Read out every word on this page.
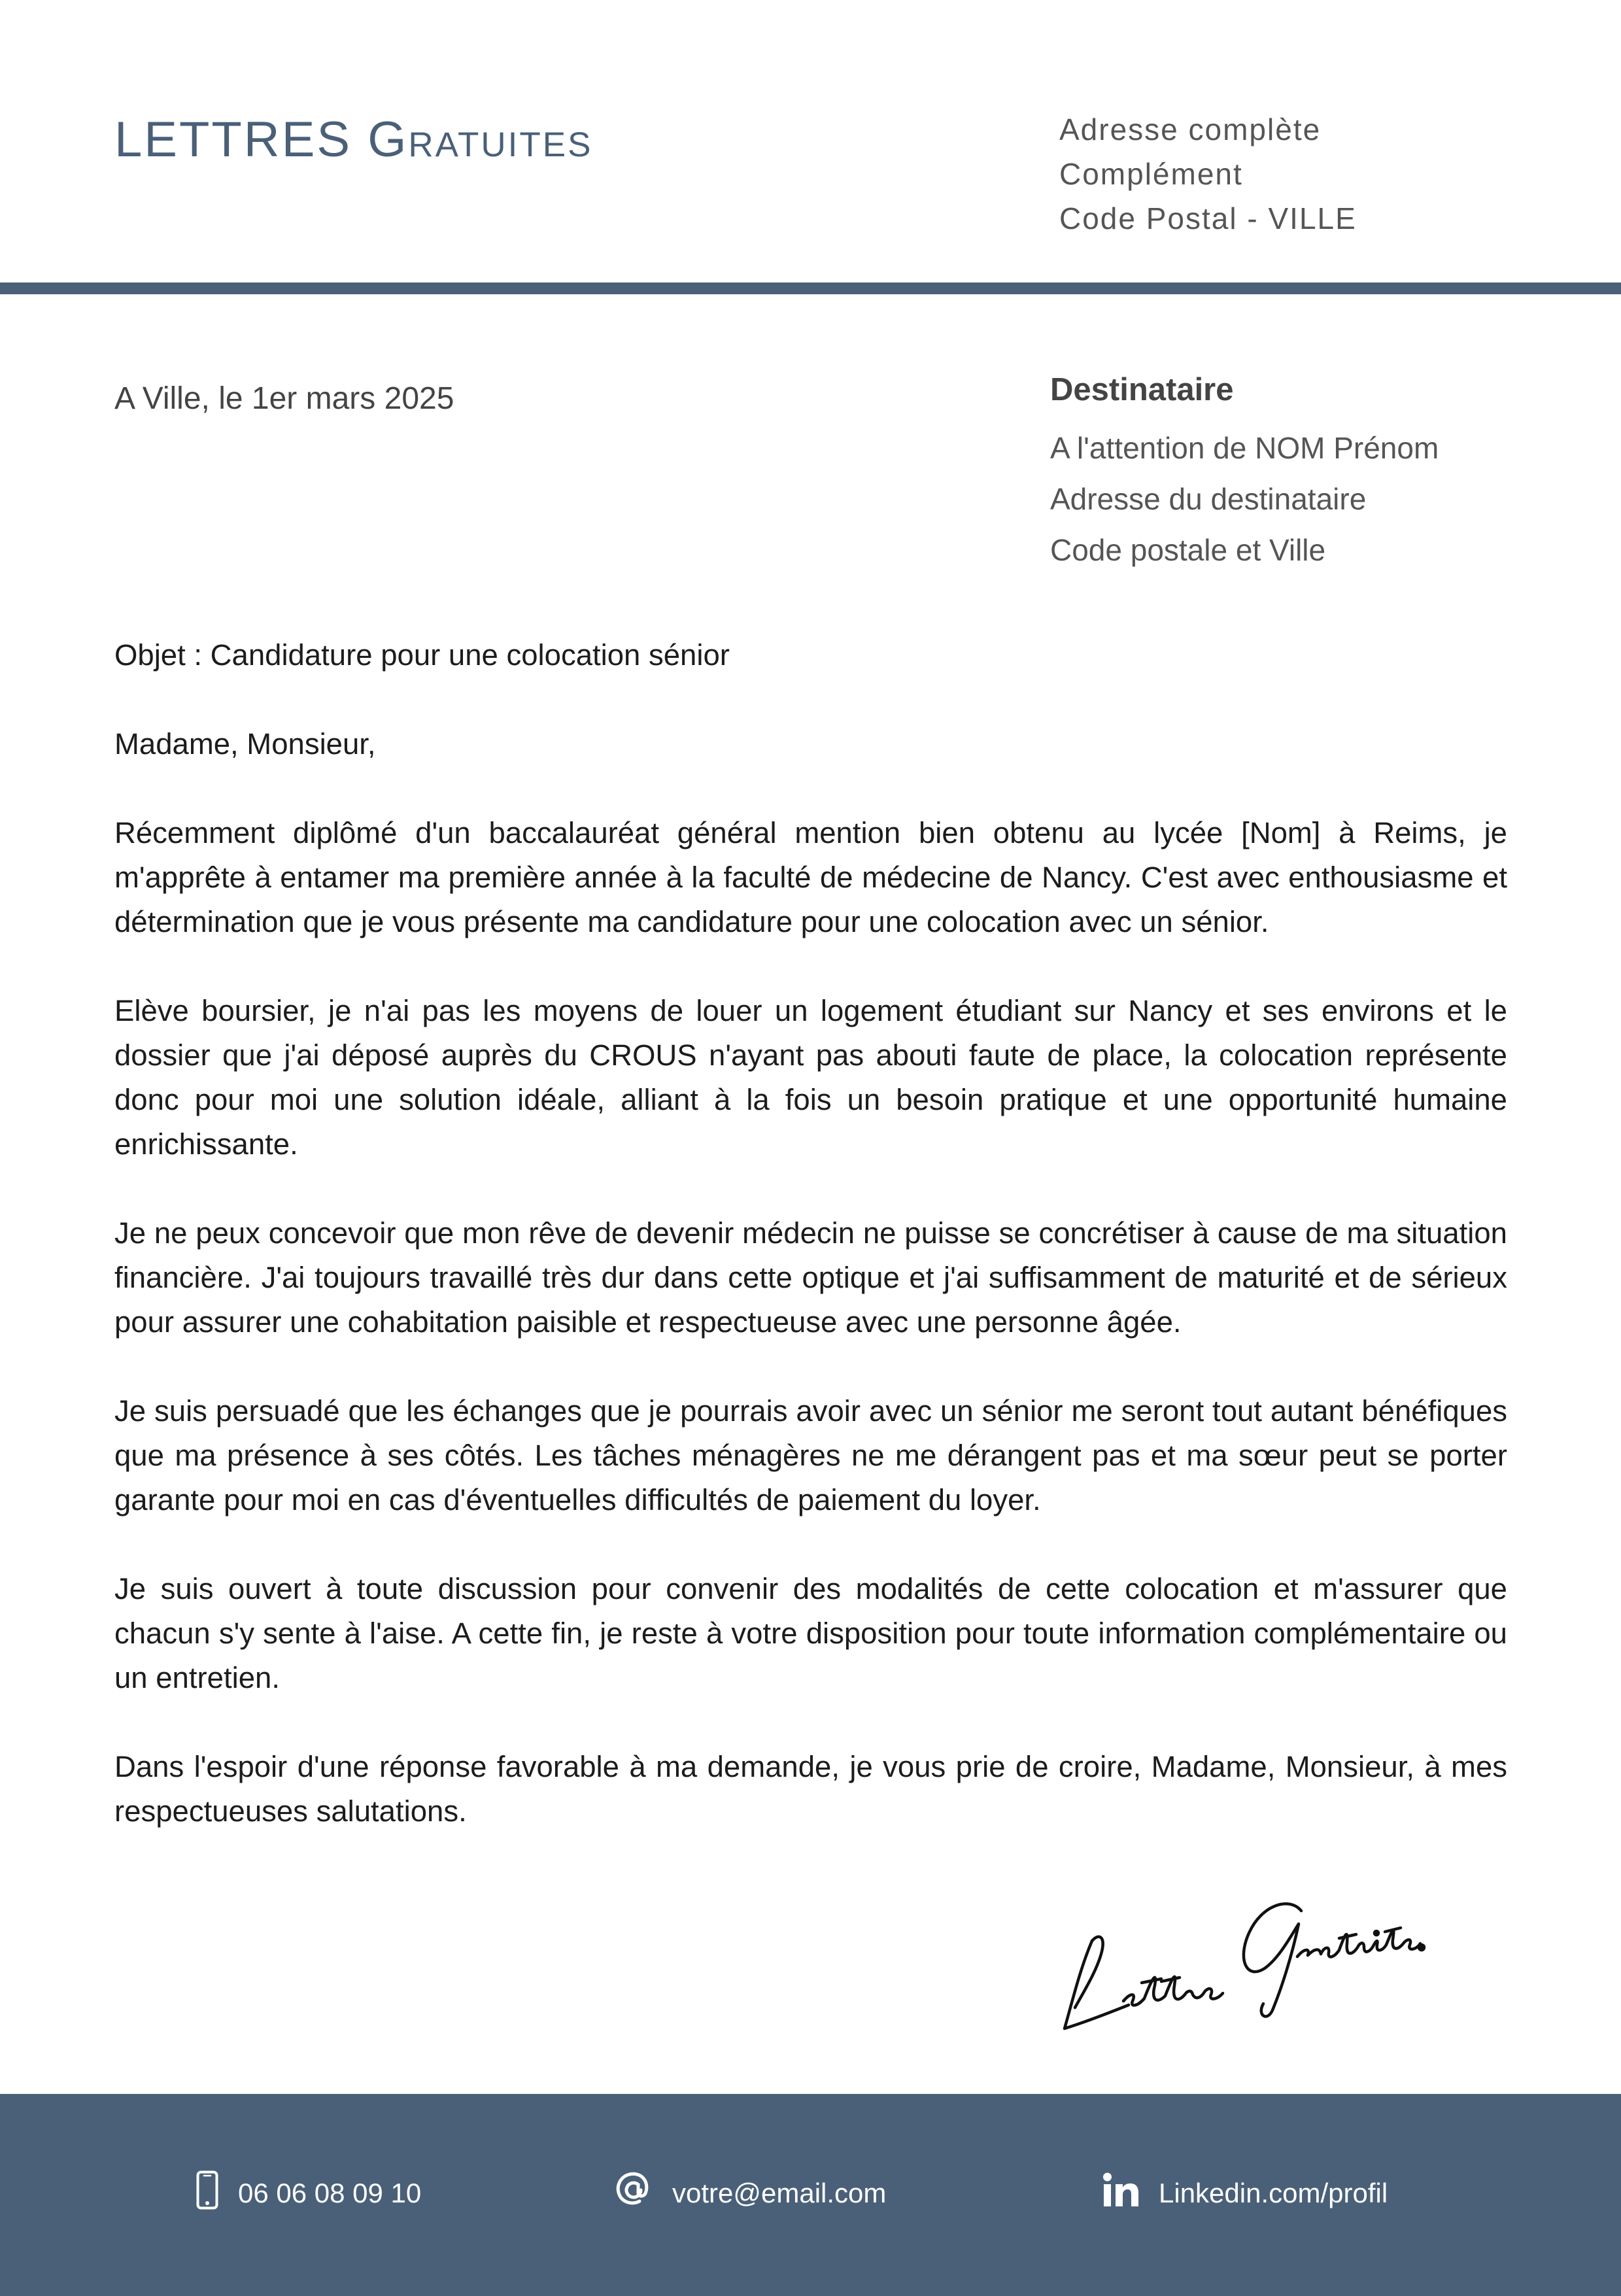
LETTRES Gratuites	Adresse complète
Complément
Code Postal - VILLE
A Ville, le 1er mars 2025	Destinataire
A l'attention de NOM Prénom
Adresse du destinataire
Code postale et Ville

Objet : Candidature pour une colocation sénior

Madame, Monsieur,

Récemment diplômé d'un baccalauréat général mention bien obtenu au lycée [Nom] à Reims, je m'apprête à entamer ma première année à la faculté de médecine de Nancy. C'est avec enthousiasme et détermination que je vous présente ma candidature pour une colocation avec un sénior.

Elève boursier, je n'ai pas les moyens de louer un logement étudiant sur Nancy et ses environs et le dossier que j'ai déposé auprès du CROUS n'ayant pas abouti faute de place, la colocation représente donc pour moi une solution idéale, alliant à la fois un besoin pratique et une opportunité humaine enrichissante.

Je ne peux concevoir que mon rêve de devenir médecin ne puisse se concrétiser à cause de ma situation financière. J'ai toujours travaillé très dur dans cette optique et j'ai suffisamment de maturité et de sérieux pour assurer une cohabitation paisible et respectueuse avec une personne âgée.

Je suis persuadé que les échanges que je pourrais avoir avec un sénior me seront tout autant bénéfiques que ma présence à ses côtés. Les tâches ménagères ne me dérangent pas et ma sœur peut se porter garante pour moi en cas d'éventuelles difficultés de paiement du loyer.

Je suis ouvert à toute discussion pour convenir des modalités de cette colocation et m'assurer que chacun s'y sente à l'aise. A cette fin, je reste à votre disposition pour toute information complémentaire ou un entretien.

Dans l'espoir d'une réponse favorable à ma demande, je vous prie de croire, Madame, Monsieur, à mes respectueuses salutations.

06 06 08 09 10	votre@email.com	Linkedin.com/profil
